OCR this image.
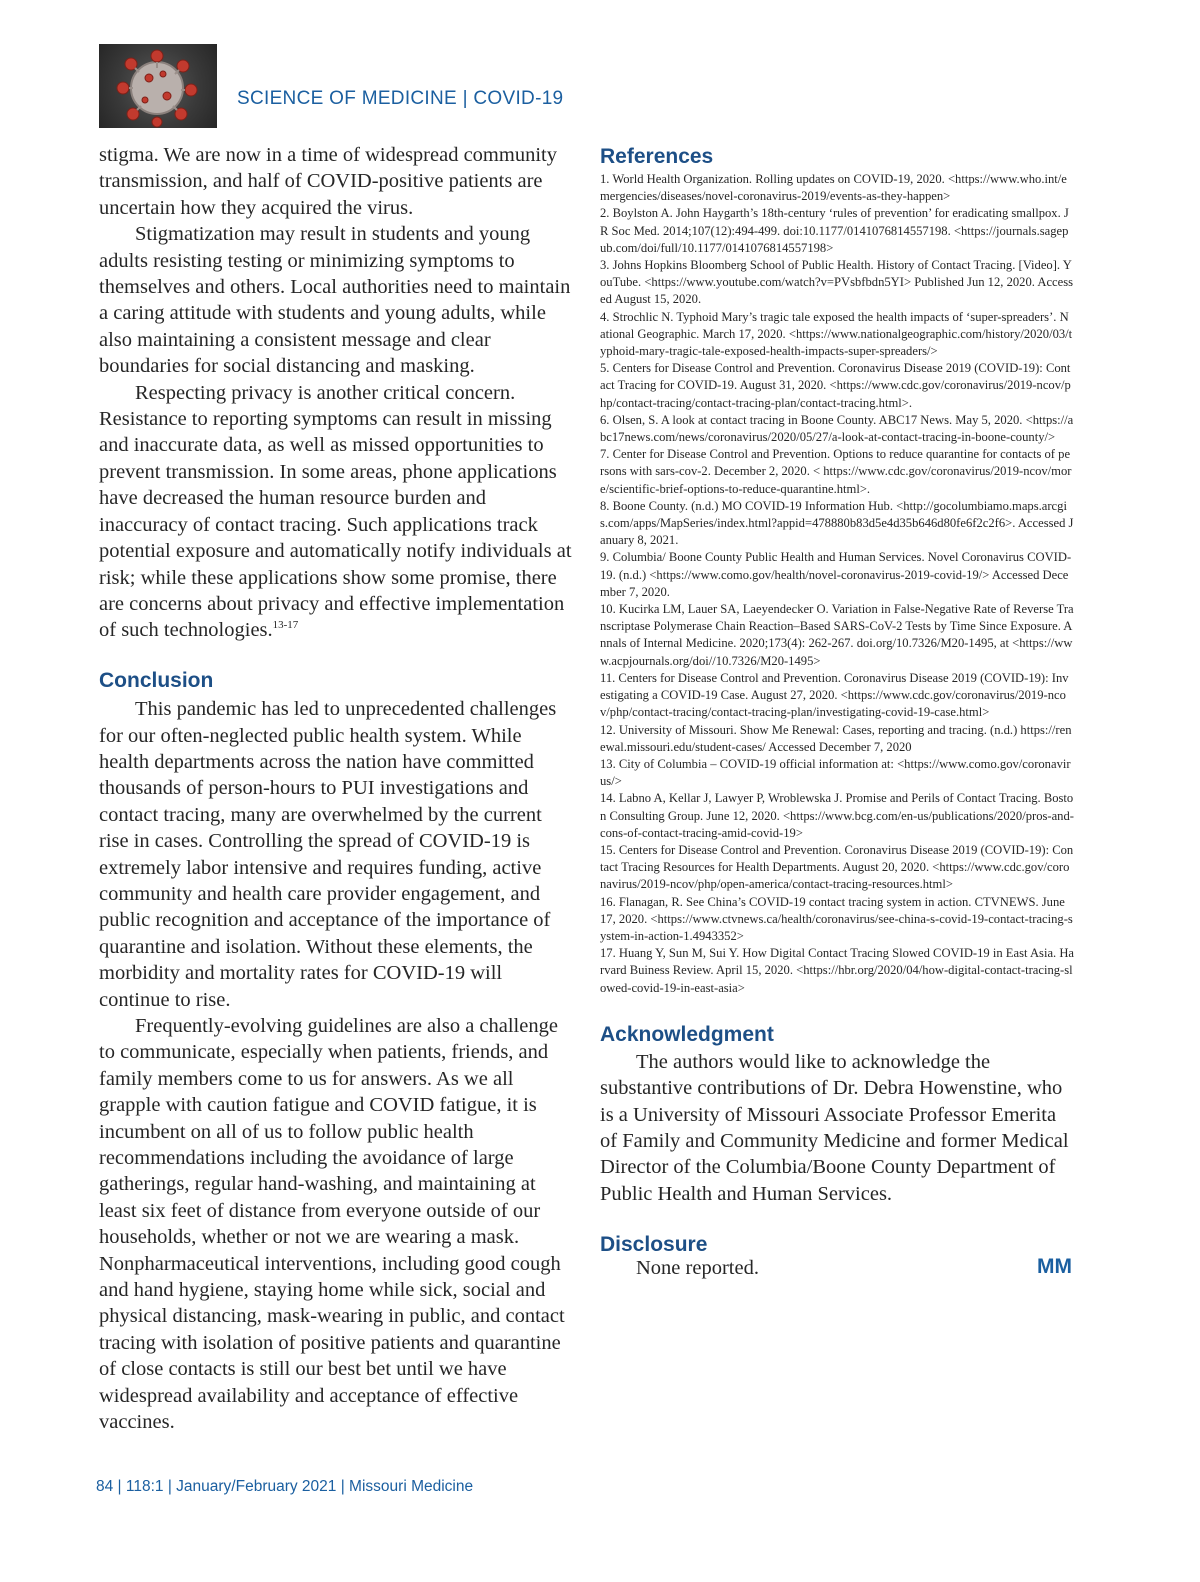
SCIENCE OF MEDICINE | COVID-19

stigma. We are now in a time of widespread community transmission, and half of COVID-positive patients are uncertain how they acquired the virus.

Stigmatization may result in students and young adults resisting testing or minimizing symptoms to themselves and others. Local authorities need to maintain a caring attitude with students and young adults, while also maintaining a consistent message and clear boundaries for social distancing and masking.

Respecting privacy is another critical concern. Resistance to reporting symptoms can result in missing and inaccurate data, as well as missed opportunities to prevent transmission. In some areas, phone applications have decreased the human resource burden and inaccuracy of contact tracing. Such applications track potential exposure and automatically notify individuals at risk; while these applications show some promise, there are concerns about privacy and effective implementation of such technologies.$^{13-17}$

Conclusion

This pandemic has led to unprecedented challenges for our often-neglected public health system. While health departments across the nation have committed thousands of person-hours to PUI investigations and contact tracing, many are overwhelmed by the current rise in cases. Controlling the spread of COVID-19 is extremely labor intensive and requires funding, active community and health care provider engagement, and public recognition and acceptance of the importance of quarantine and isolation. Without these elements, the morbidity and mortality rates for COVID-19 will continue to rise.

Frequently-evolving guidelines are also a challenge to communicate, especially when patients, friends, and family members come to us for answers. As we all grapple with caution fatigue and COVID fatigue, it is incumbent on all of us to follow public health recommendations including the avoidance of large gatherings, regular hand-washing, and maintaining at least six feet of distance from everyone outside of our households, whether or not we are wearing a mask. Nonpharmaceutical interventions, including good cough and hand hygiene, staying home while sick, social and physical distancing, mask-wearing in public, and contact tracing with isolation of positive patients and quarantine of close contacts is still our best bet until we have widespread availability and acceptance of effective vaccines.

References

1. World Health Organization. Rolling updates on COVID-19, 2020. <https://www.who.int/emergencies/diseases/novel-coronavirus-2019/events-as-they-happen>

2. Boylston A. John Haygarth’s 18th-century ‘rules of prevention’ for eradicating smallpox. J R Soc Med. 2014;107(12):494-499. doi:10.1177/0141076814557198. <https://journals.sagepub.com/doi/full/10.1177/0141076814557198>

3. Johns Hopkins Bloomberg School of Public Health. History of Contact Tracing. [Video]. YouTube. <https://www.youtube.com/watch?v=PVsbfbdn5YI> Published Jun 12, 2020. Accessed August 15, 2020.

4. Strochlic N. Typhoid Mary’s tragic tale exposed the health impacts of ‘super-spreaders’. National Geographic. March 17, 2020. <https://www.nationalgeographic.com/history/2020/03/typhoid-mary-tragic-tale-exposed-health-impacts-super-spreaders/>

5. Centers for Disease Control and Prevention. Coronavirus Disease 2019 (COVID-19): Contact Tracing for COVID-19. August 31, 2020. <https://www.cdc.gov/coronavirus/2019-ncov/php/contact-tracing/contact-tracing-plan/contact-tracing.html>.

6. Olsen, S. A look at contact tracing in Boone County. ABC17 News. May 5, 2020. <https://abc17news.com/news/coronavirus/2020/05/27/a-look-at-contact-tracing-in-boone-county/>

7. Center for Disease Control and Prevention. Options to reduce quarantine for contacts of persons with sars-cov-2. December 2, 2020. < https://www.cdc.gov/coronavirus/2019-ncov/more/scientific-brief-options-to-reduce-quarantine.html>.

8. Boone County. (n.d.) MO COVID-19 Information Hub. <http://gocolumbiamo.maps.arcgis.com/apps/MapSeries/index.html?appid=478880b83d5e4d35b646d80fe6f2c2f6>. Accessed January 8, 2021.

9. Columbia/ Boone County Public Health and Human Services. Novel Coronavirus COVID-19. (n.d.) <https://www.como.gov/health/novel-coronavirus-2019-covid-19/> Accessed December 7, 2020.

10. Kucirka LM, Lauer SA, Laeyendecker O. Variation in False-Negative Rate of Reverse Transcriptase Polymerase Chain Reaction–Based SARS-CoV-2 Tests by Time Since Exposure. Annals of Internal Medicine. 2020;173(4): 262-267. doi.org/10.7326/M20-1495, at <https://www.acpjournals.org/doi//10.7326/M20-1495>

11. Centers for Disease Control and Prevention. Coronavirus Disease 2019 (COVID-19): Investigating a COVID-19 Case. August 27, 2020. <https://www.cdc.gov/coronavirus/2019-ncov/php/contact-tracing/contact-tracing-plan/investigating-covid-19-case.html>

12. University of Missouri. Show Me Renewal: Cases, reporting and tracing. (n.d.) https://renewal.missouri.edu/student-cases/ Accessed December 7, 2020

13. City of Columbia – COVID-19 official information at: <https://www.como.gov/coronavirus/>

14. Labno A, Kellar J, Lawyer P, Wroblewska J. Promise and Perils of Contact Tracing. Boston Consulting Group. June 12, 2020. <https://www.bcg.com/en-us/publications/2020/pros-and-cons-of-contact-tracing-amid-covid-19>

15. Centers for Disease Control and Prevention. Coronavirus Disease 2019 (COVID-19): Contact Tracing Resources for Health Departments. August 20, 2020. <https://www.cdc.gov/coronavirus/2019-ncov/php/open-america/contact-tracing-resources.html>

16. Flanagan, R. See China’s COVID-19 contact tracing system in action. CTVNEWS. June 17, 2020. <https://www.ctvnews.ca/health/coronavirus/see-china-s-covid-19-contact-tracing-system-in-action-1.4943352>

17. Huang Y, Sun M, Sui Y. How Digital Contact Tracing Slowed COVID-19 in East Asia. Harvard Buiness Review. April 15, 2020. <https://hbr.org/2020/04/how-digital-contact-tracing-slowed-covid-19-in-east-asia>

Acknowledgment

The authors would like to acknowledge the substantive contributions of Dr. Debra Howenstine, who is a University of Missouri Associate Professor Emerita of Family and Community Medicine and former Medical Director of the Columbia/Boone County Department of Public Health and Human Services.

Disclosure
None reported.	MM
84 | 118:1 | January/February 2021 | Missouri Medicine
